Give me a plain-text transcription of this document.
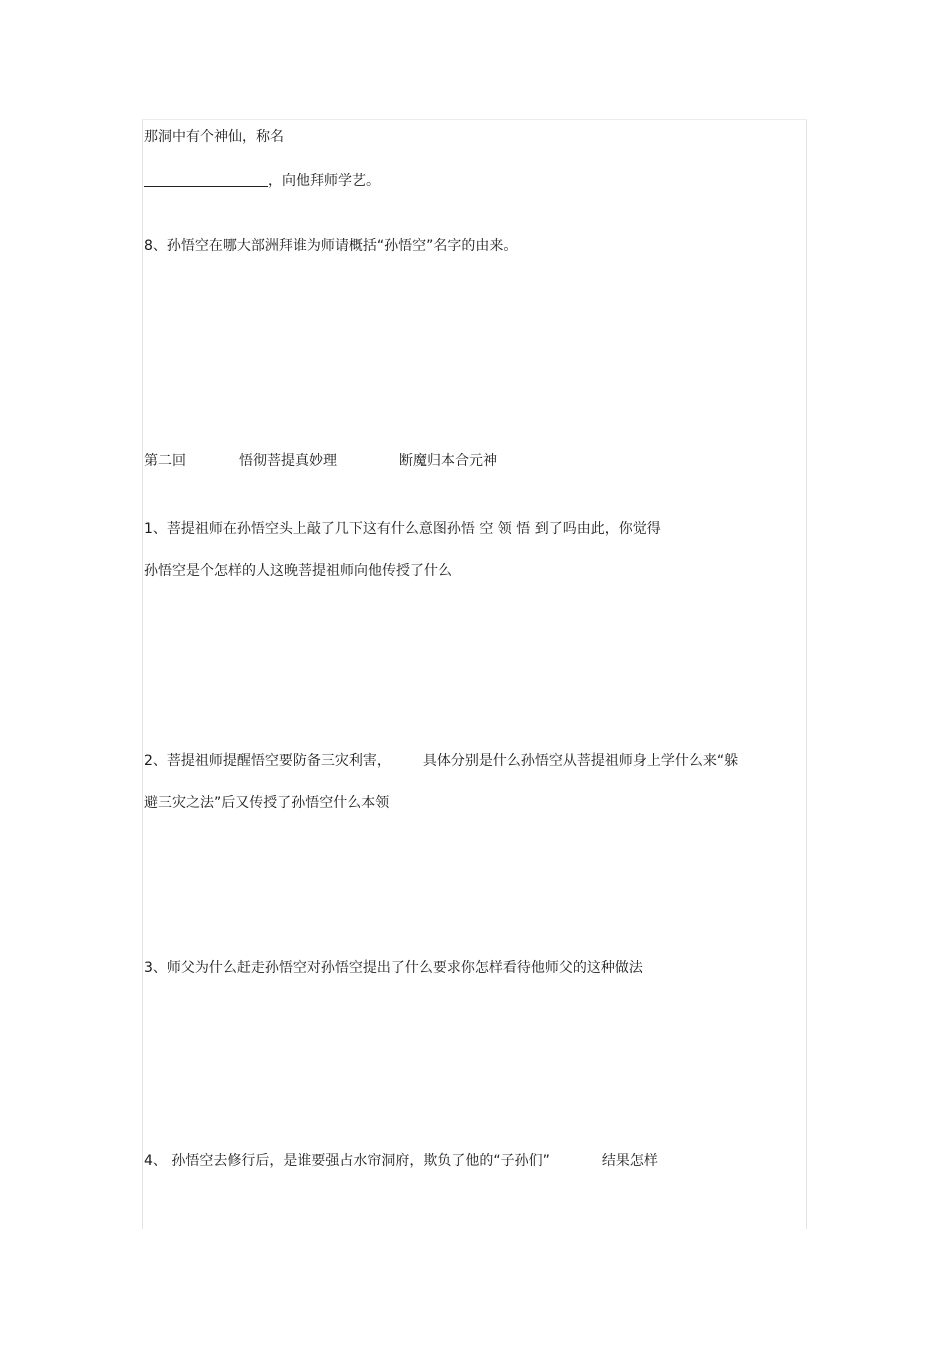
那洞中有个神仙，称名
，向他拜师学艺。
8、孙悟空在哪大部洲拜谁为师请概括“孙悟空”名字的由来。
第二回	悟彻菩提真妙理	断魔归本合元神
1、菩提祖师在孙悟空头上敲了几下这有什么意图孙悟 空 领 悟 到了吗由此，你觉得
孙悟空是个怎样的人这晚菩提祖师向他传授了什么
2、菩提祖师提醒悟空要防备三灾利害， 具体分别是什么孙悟空从菩提祖师身上学什么来“躲
避三灾之法”后又传授了孙悟空什么本领
3、师父为什么赶走孙悟空对孙悟空提出了什么要求你怎样看待他师父的这种做法
4、 孙悟空去修行后，是谁要强占水帘洞府，欺负了他的“子孙们”	结果怎样
